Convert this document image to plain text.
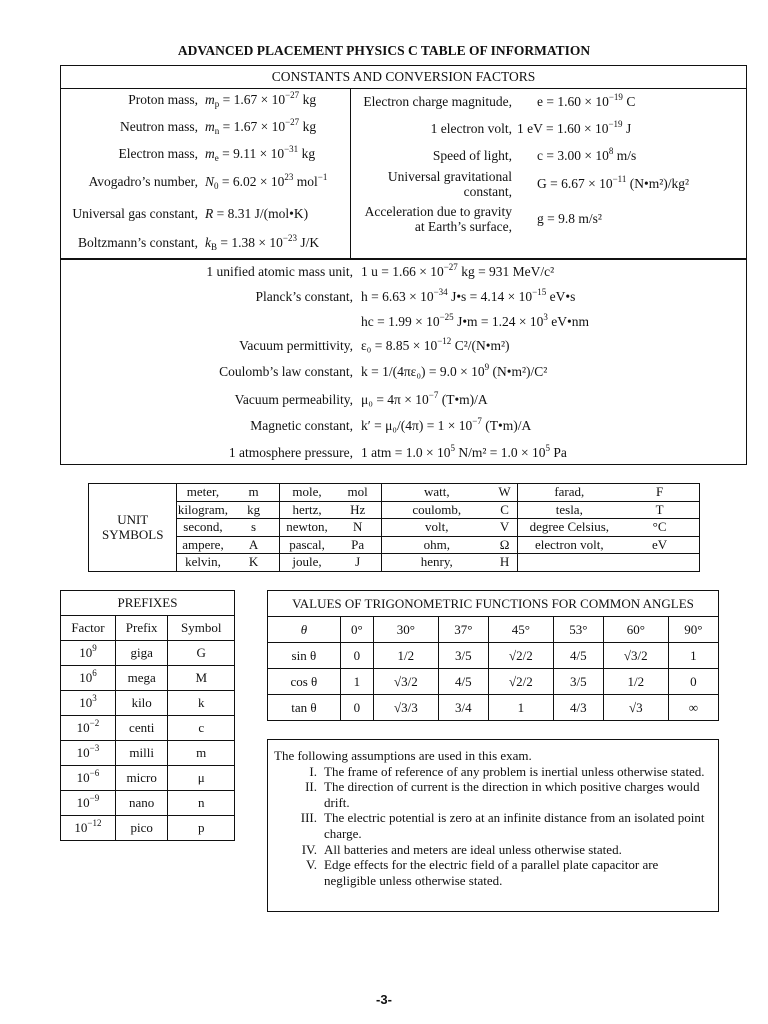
ADVANCED PLACEMENT PHYSICS C TABLE OF INFORMATION
CONSTANTS AND CONVERSION FACTORS
Proton mass, $m_p = 1.67 \times 10^{-27}$ kg
Neutron mass, $m_n = 1.67 \times 10^{-27}$ kg
Electron mass, $m_e = 9.11 \times 10^{-31}$ kg
Avogadro’s number, $N_0 = 6.02 \times 10^{23}$ mol$^{-1}$
Universal gas constant, R = 8.31 J/(mol•K)
Boltzmann’s constant, $k_B = 1.38 \times 10^{-23}$ J/K
Electron charge magnitude, $e = 1.60 \times 10^{-19}$ C
1 electron volt, 1 eV = $1.60 \times 10^{-19}$ J
Speed of light, $c = 3.00 \times 10^8$ m/s
Universal gravitational
constant,
$G = 6.67 \times 10^{-11}$ (N•m²)/kg²
Acceleration due to gravity
at Earth’s surface,
g = 9.8 m/s²
1 unified atomic mass unit, 1 $u = 1.66 \times 10^{-27}$ kg = 931 MeV/c²
Planck’s constant, $h = 6.63 \times 10^{-34}$ J•s = $4.14 \times 10^{-15}$ eV•s
hc = $1.99 \times 10^{-25}$ J•m = $1.24 \times 10^3$ eV•nm
Vacuum permittivity, $\varepsilon_0 = 8.85 \times 10^{-12}$ C²/(N•m²)
Coulomb’s law constant, $k = 1/(4\pi\varepsilon_0) = 9.0 \times 10^9$ (N•m²)/C²
Vacuum permeability, $\mu_0 = 4\pi \times 10^{-7}$ (T•m)/A
Magnetic constant, $k' = \mu_0/(4\pi) = 1 \times 10^{-7}$ (T•m)/A
1 atmosphere pressure, 1 atm = $1.0 \times 10^5$ $N/m^2 = 1.0 \times 10^5$ Pa
UNIT
SYMBOLS	meter,	m	mole,	mol	watt,	W	farad,	F
	kilogram,	kg	hertz,	Hz	coulomb,	C	tesla,	T
	second,	s	newton,	N	volt,	V	degree Celsius,	°C
	ampere,	A	pascal,	Pa	ohm,	Ω	electron volt,	eV
	kelvin,	K	joule,	J	henry,	H		
PREFIXES		
Factor	Prefix	Symbol
$10^9$	giga	G
$10^6$	mega	M
$10^3$	kilo	k
$10^{-2}$	centi	c
$10^{-3}$	milli	m
$10^{-6}$	micro	μ
$10^{-9}$	nano	n
$10^{-12}$	pico	p
VALUES OF TRIGONOMETRIC FUNCTIONS FOR COMMON ANGLES							
θ	0°	30°	37°	45°	53°	60°	90°
sin θ	0	1/2	3/5	√2/2	4/5	√3/2	1
cos θ	1	√3/2	4/5	√2/2	3/5	1/2	0
tan θ	0	√3/3	3/4	1	4/3	√3	∞
The following assumptions are used in this exam.
I. The frame of reference of any problem is inertial unless otherwise stated.
II. The direction of current is the direction in which positive charges would drift.
III. The electric potential is zero at an infinite distance from an isolated point charge.
IV. All batteries and meters are ideal unless otherwise stated.
V. Edge effects for the electric field of a parallel plate capacitor are negligible unless otherwise stated.
-3-
